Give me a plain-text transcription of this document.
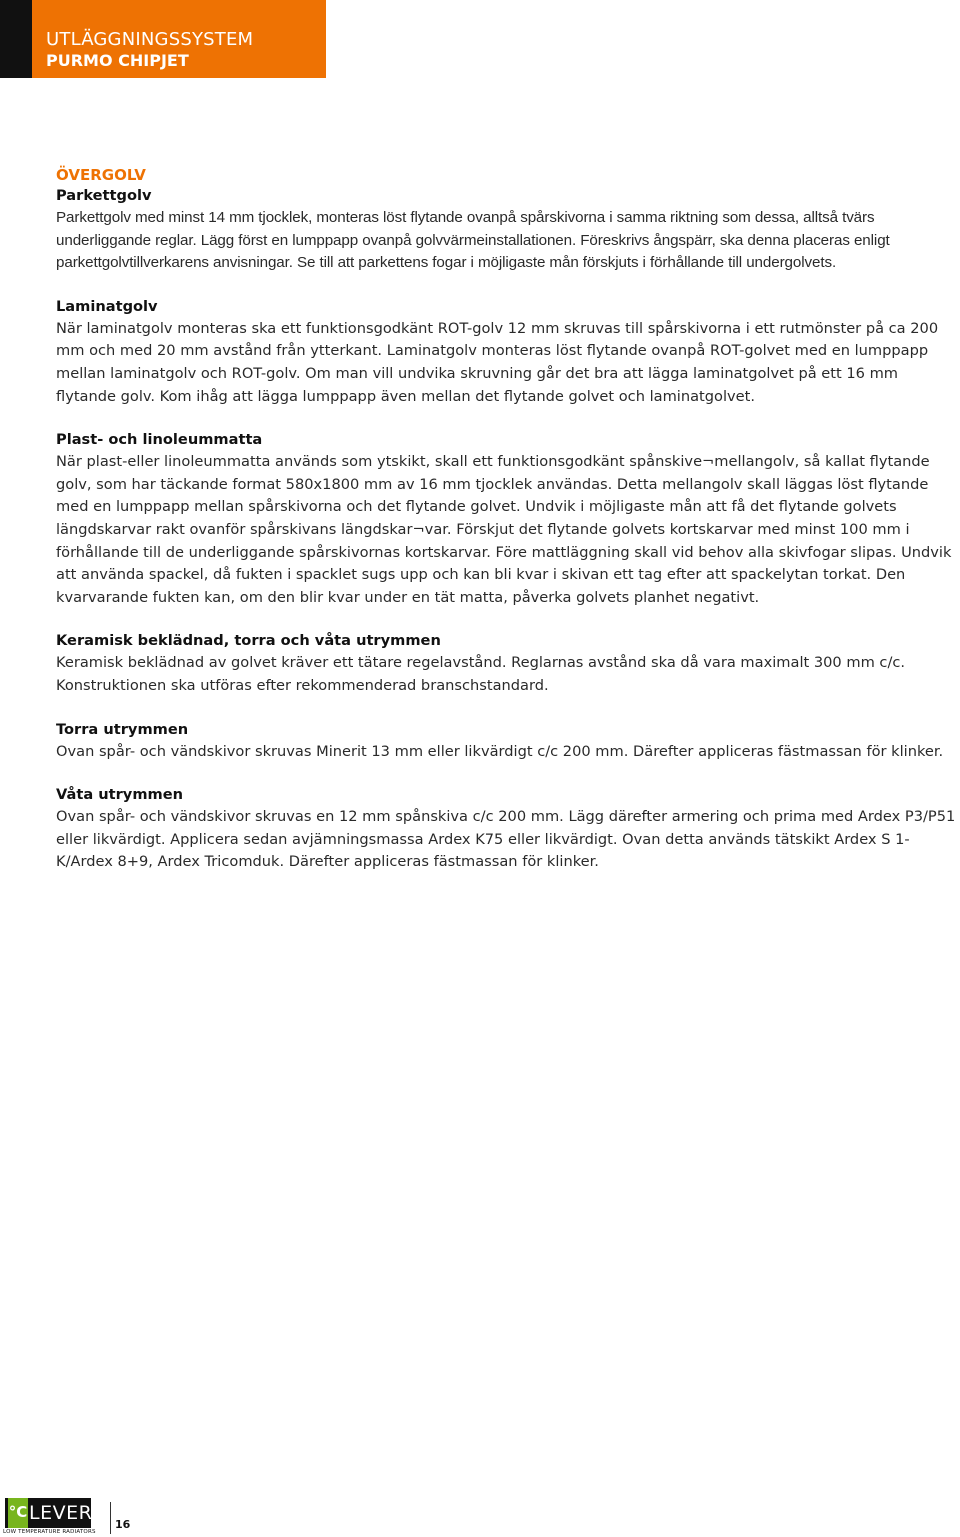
UTLÄGGNINGSSYSTEM
PURMO CHIPJET
ÖVERGOLV
Parkettgolv

Parkettgolv med minst 14 mm tjocklek, monteras löst flytande ovanpå spårskivorna i samma riktning som dessa, alltså tvärs underliggande reglar. Lägg först en lumppapp ovanpå golvvärmeinstallationen. Föreskrivs ångspärr, ska denna placeras enligt parkettgolvtillverkarens anvisningar. Se till att parkettens fogar i möjligaste mån förskjuts i förhållande till undergolvets.

Laminatgolv

När laminatgolv monteras ska ett funktionsgodkänt ROT-golv 12 mm skruvas till spårskivorna i ett rutmönster på ca 200 mm och med 20 mm avstånd från ytterkant. Laminatgolv monteras löst flytande ovanpå ROT-golvet med en lumppapp mellan laminatgolv och ROT-golv. Om man vill undvika skruvning går det bra att lägga laminatgolvet på ett 16 mm flytande golv. Kom ihåg att lägga lumppapp även mellan det flytande golvet och laminatgolvet.

Plast- och linoleummatta

När plast-eller linoleummatta används som ytskikt, skall ett funktionsgodkänt spånskive¬mellangolv, så kallat flytande golv, som har täckande format 580x1800 mm av 16 mm tjocklek användas. Detta mellangolv skall läggas löst flytande med en lumppapp mellan spårskivorna och det flytande golvet. Undvik i möjligaste mån att få det flytande golvets längdskarvar rakt ovanför spårskivans längdskar¬var. Förskjut det flytande golvets kortskarvar med minst 100 mm i förhållande till de underliggande spårskivornas kortskarvar. Före mattläggning skall vid behov alla skivfogar slipas. Undvik att använda spackel, då fukten i spacklet sugs upp och kan bli kvar i skivan ett tag efter att spackelytan torkat. Den kvarvarande fukten kan, om den blir kvar under en tät matta, påverka golvets planhet negativt.

Keramisk beklädnad, torra och våta utrymmen

Keramisk beklädnad av golvet kräver ett tätare regelavstånd. Reglarnas avstånd ska då vara maximalt 300 mm c/c. Konstruktionen ska utföras efter rekommenderad branschstandard.

Torra utrymmen

Ovan spår- och vändskivor skruvas Minerit 13 mm eller likvärdigt c/c 200 mm. Därefter appliceras fästmassan för klinker.

Våta utrymmen

Ovan spår- och vändskivor skruvas en 12 mm spånskiva c/c 200 mm. Lägg därefter armering och prima med Ardex P3/P51 eller likvärdigt. Applicera sedan avjämningsmassa Ardex K75 eller likvärdigt. Ovan detta används tätskikt Ardex S 1-K/Ardex 8+9, Ardex Tricomduk. Därefter appliceras fästmassan för klinker.

°C LEVER
LOW TEMPERATURE RADIATORS
16
